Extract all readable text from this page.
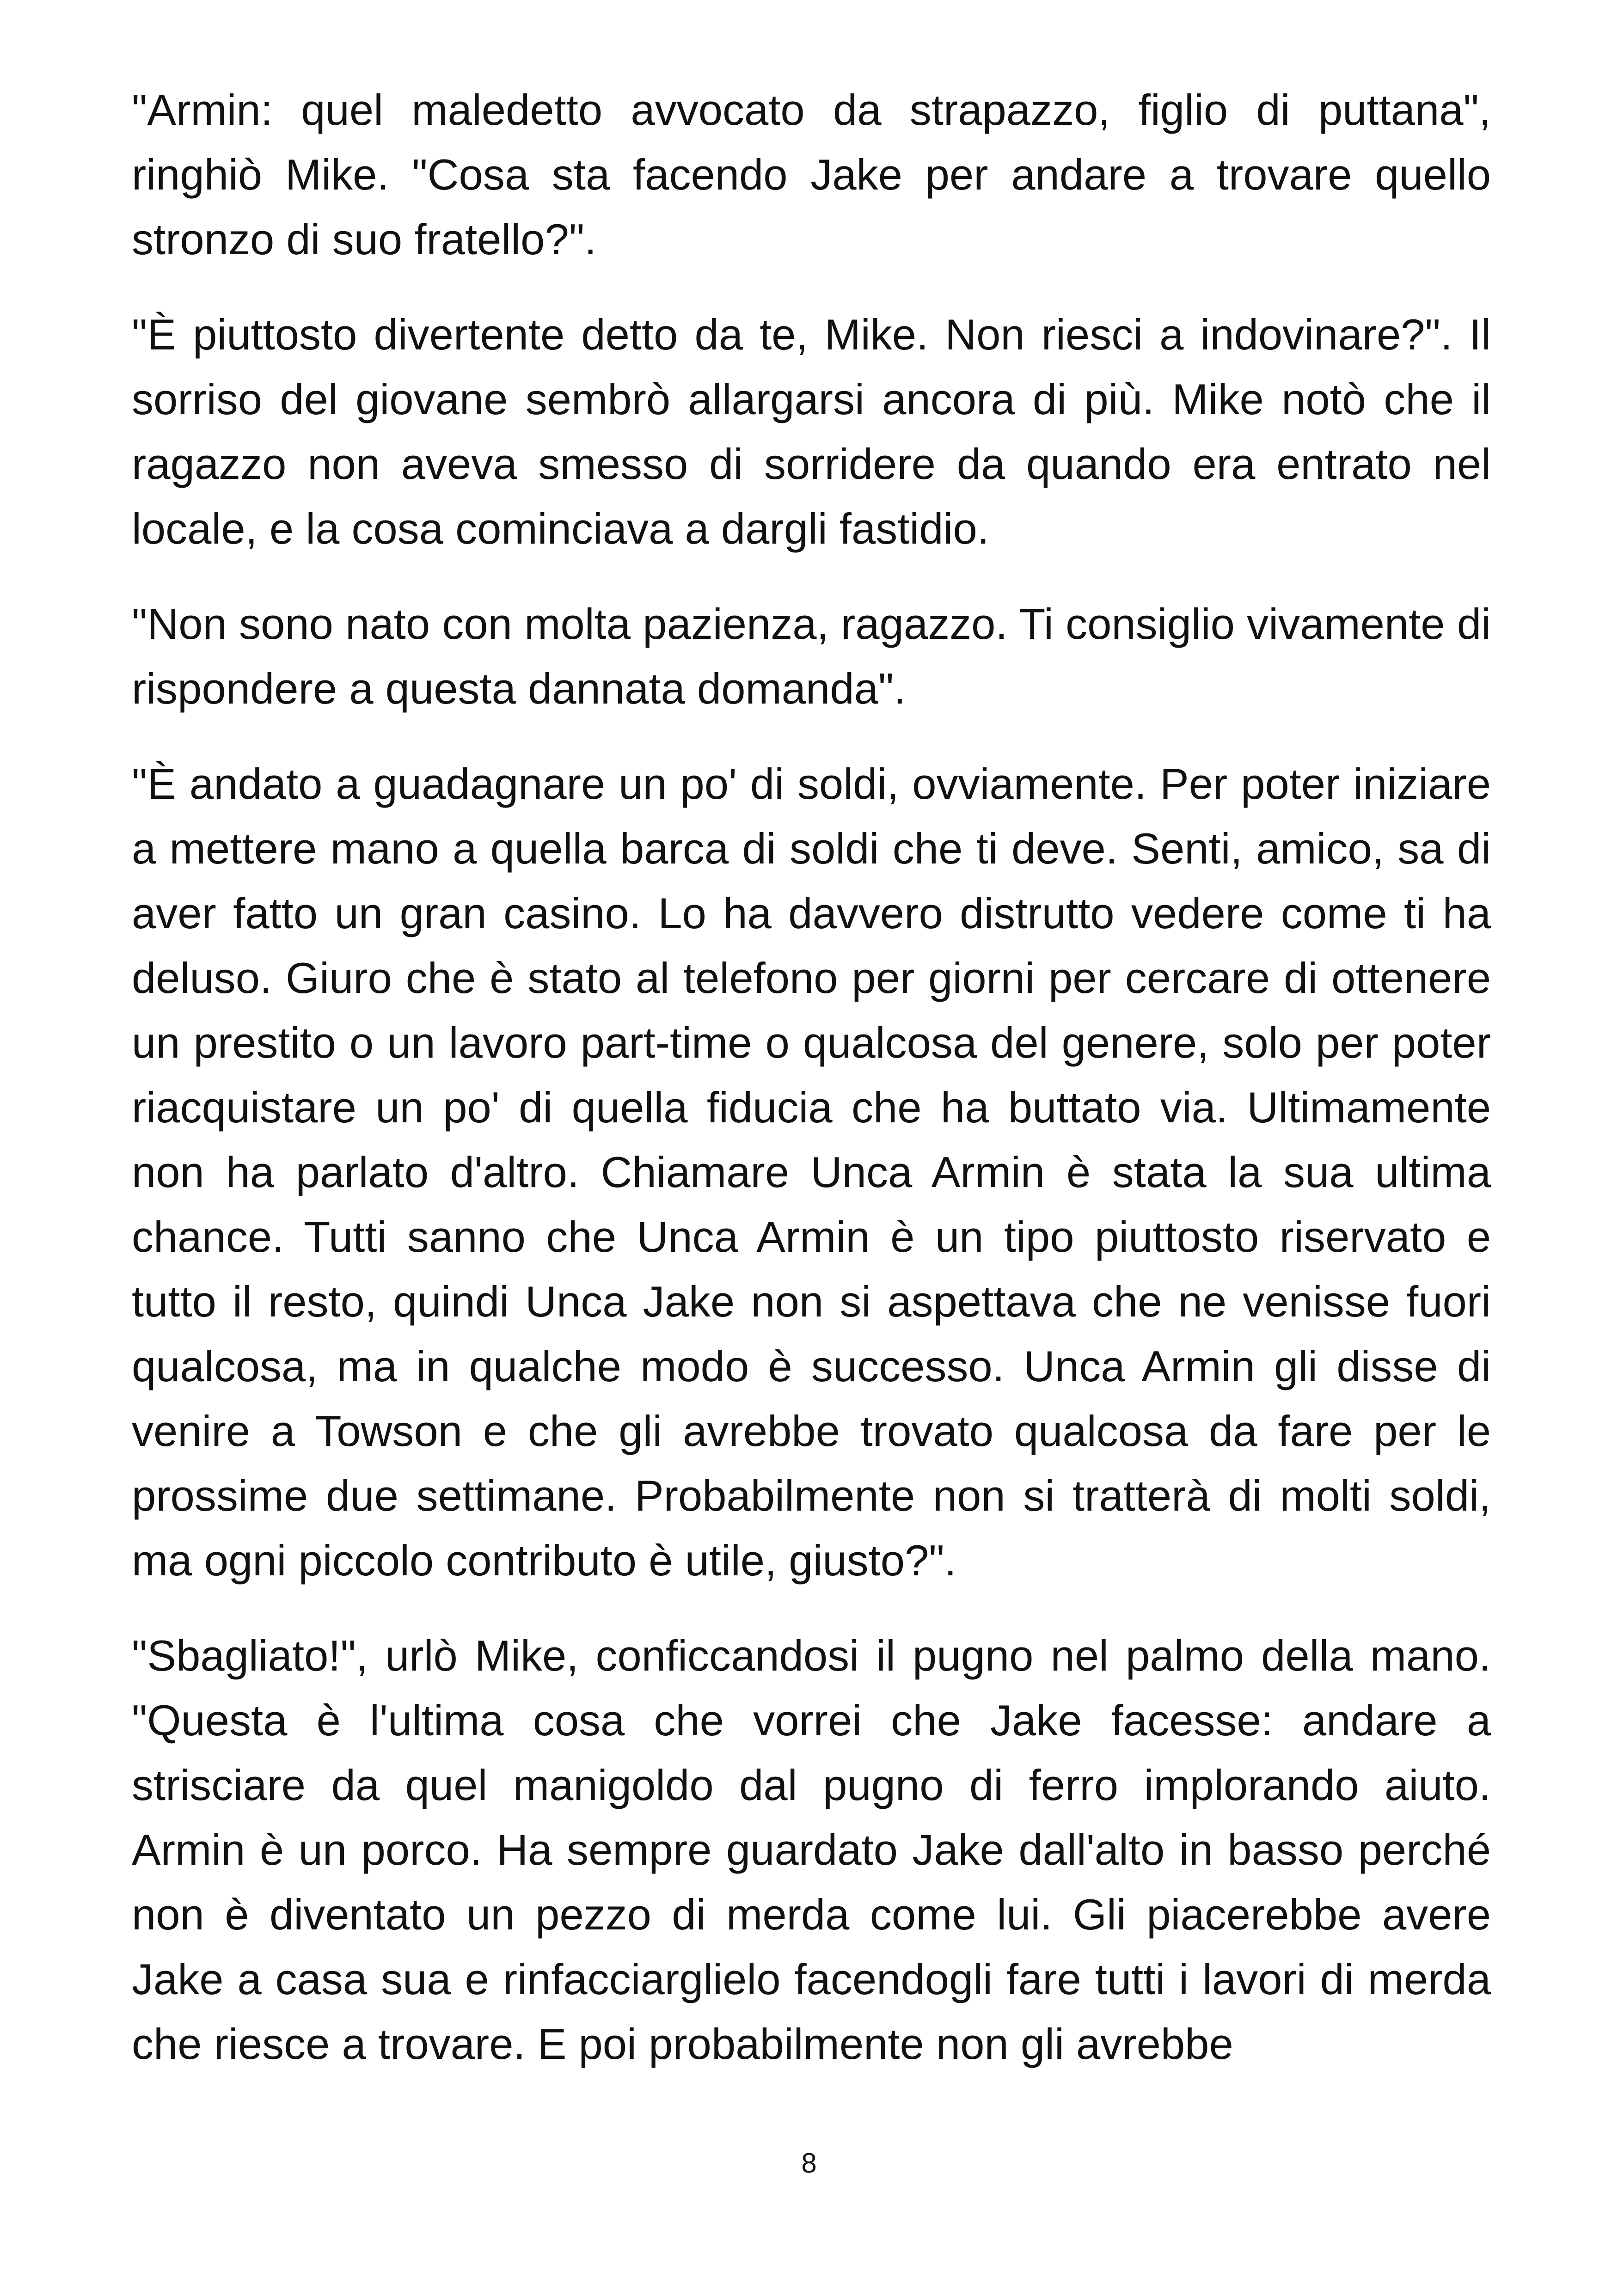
"Armin: quel maledetto avvocato da strapazzo, figlio di puttana", ringhiò Mike. "Cosa sta facendo Jake per andare a trovare quello stronzo di suo fratello?".

"È piuttosto divertente detto da te, Mike. Non riesci a indovinare?". Il sorriso del giovane sembrò allargarsi ancora di più. Mike notò che il ragazzo non aveva smesso di sorridere da quando era entrato nel locale, e la cosa cominciava a dargli fastidio.

"Non sono nato con molta pazienza, ragazzo. Ti consiglio vivamente di rispondere a questa dannata domanda".

"È andato a guadagnare un po' di soldi, ovviamente. Per poter iniziare a mettere mano a quella barca di soldi che ti deve. Senti, amico, sa di aver fatto un gran casino. Lo ha davvero distrutto vedere come ti ha deluso. Giuro che è stato al telefono per giorni per cercare di ottenere un prestito o un lavoro part-time o qualcosa del genere, solo per poter riacquistare un po' di quella fiducia che ha buttato via. Ultimamente non ha parlato d'altro. Chiamare Unca Armin è stata la sua ultima chance. Tutti sanno che Unca Armin è un tipo piuttosto riservato e tutto il resto, quindi Unca Jake non si aspettava che ne venisse fuori qualcosa, ma in qualche modo è successo. Unca Armin gli disse di venire a Towson e che gli avrebbe trovato qualcosa da fare per le prossime due settimane. Probabilmente non si tratterà di molti soldi, ma ogni piccolo contributo è utile, giusto?".

"Sbagliato!", urlò Mike, conficcandosi il pugno nel palmo della mano. "Questa è l'ultima cosa che vorrei che Jake facesse: andare a strisciare da quel manigoldo dal pugno di ferro implorando aiuto. Armin è un porco. Ha sempre guardato Jake dall'alto in basso perché non è diventato un pezzo di merda come lui. Gli piacerebbe avere Jake a casa sua e rinfacciarglielo facendogli fare tutti i lavori di merda che riesce a trovare. E poi probabilmente non gli avrebbe

8
